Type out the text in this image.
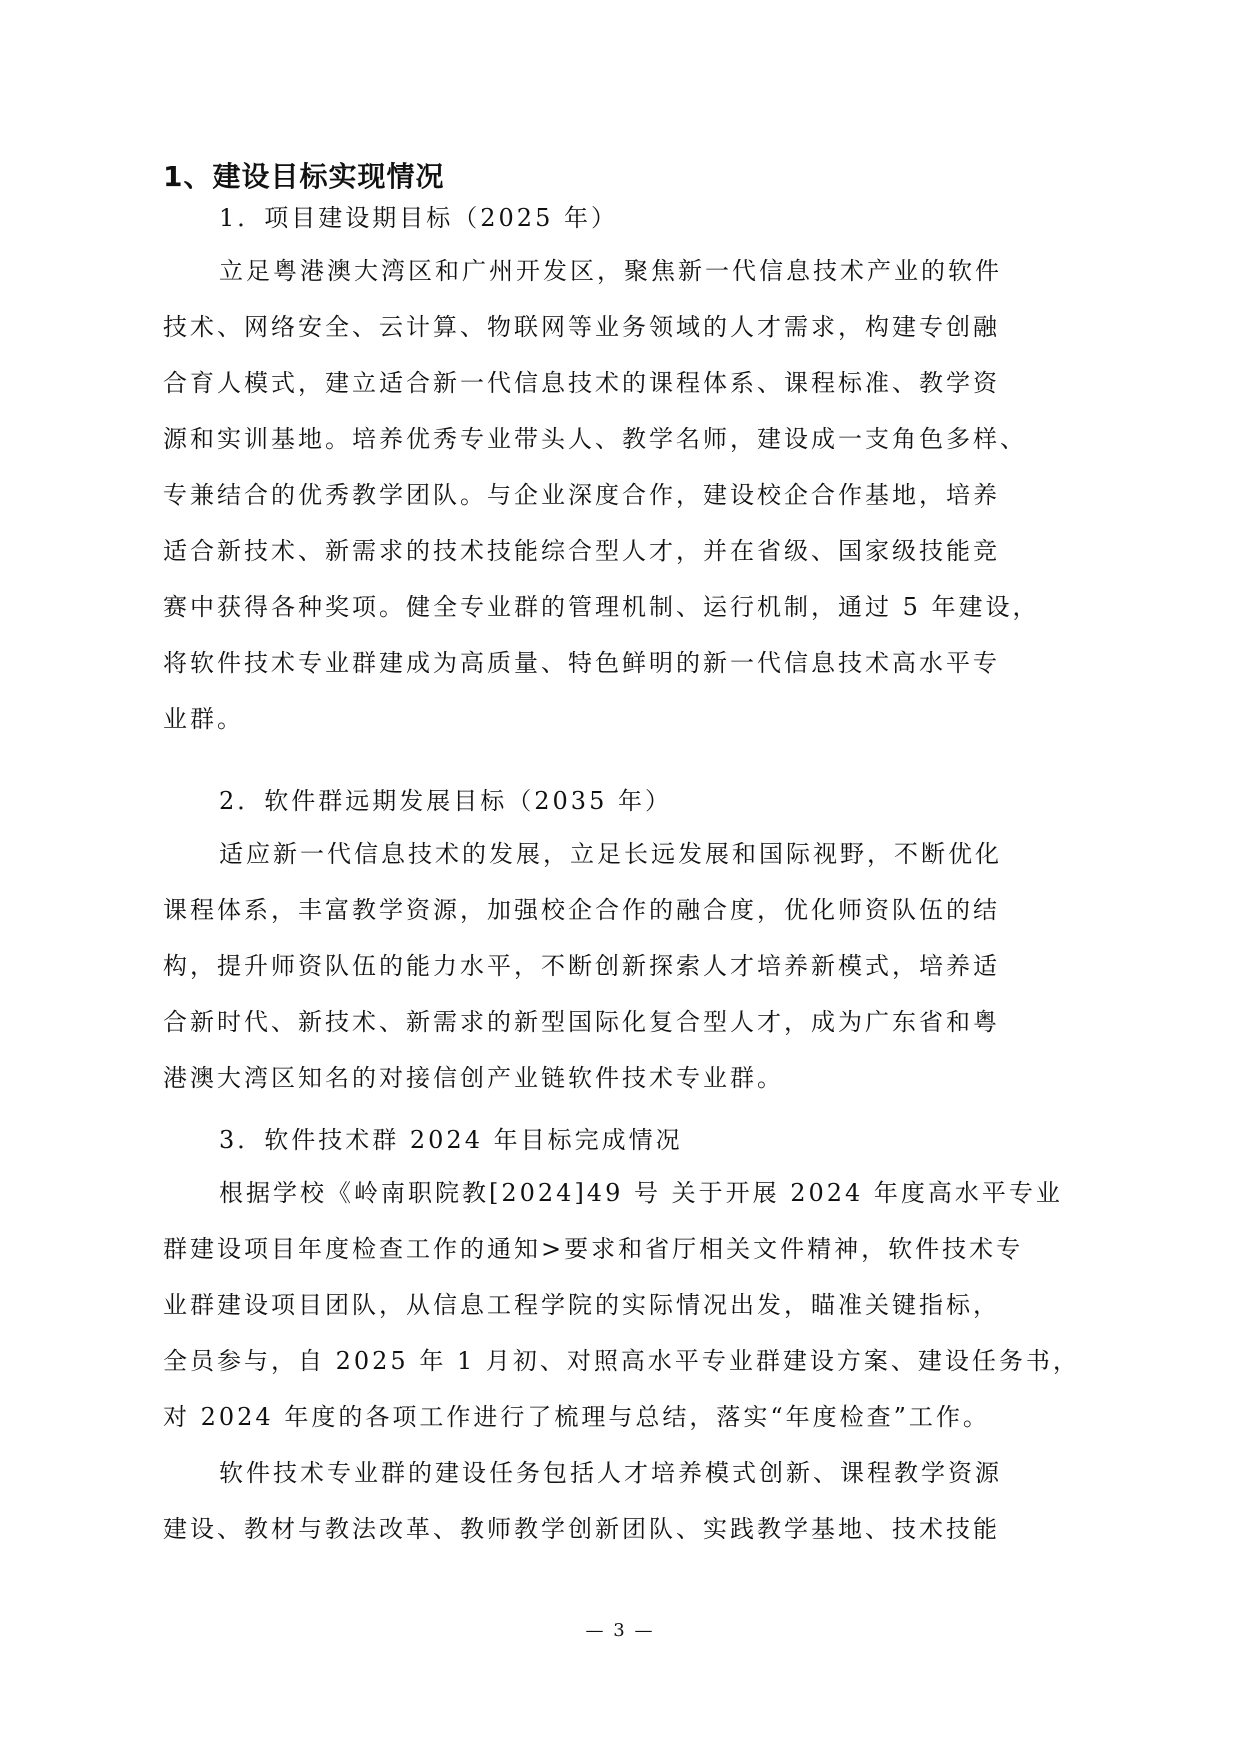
1、建设目标实现情况
1．项目建设期目标（2025 年）
立足粤港澳大湾区和广州开发区，聚焦新一代信息技术产业的软件
技术、网络安全、云计算、物联网等业务领域的人才需求，构建专创融
合育人模式，建立适合新一代信息技术的课程体系、课程标准、教学资
源和实训基地。培养优秀专业带头人、教学名师，建设成一支角色多样、
专兼结合的优秀教学团队。与企业深度合作，建设校企合作基地，培养
适合新技术、新需求的技术技能综合型人才，并在省级、国家级技能竞
赛中获得各种奖项。健全专业群的管理机制、运行机制，通过 5 年建设，
将软件技术专业群建成为高质量、特色鲜明的新一代信息技术高水平专
业群。
2．软件群远期发展目标（2035 年）
适应新一代信息技术的发展，立足长远发展和国际视野，不断优化
课程体系，丰富教学资源，加强校企合作的融合度，优化师资队伍的结
构，提升师资队伍的能力水平，不断创新探索人才培养新模式，培养适
合新时代、新技术、新需求的新型国际化复合型人才，成为广东省和粤
港澳大湾区知名的对接信创产业链软件技术专业群。
3．软件技术群 2024 年目标完成情况
根据学校《岭南职院教[2024]49 号 关于开展 2024 年度高水平专业
群建设项目年度检查工作的通知>要求和省厅相关文件精神，软件技术专
业群建设项目团队，从信息工程学院的实际情况出发，瞄准关键指标，
全员参与，自 2025 年 1 月初、对照高水平专业群建设方案、建设任务书，
对 2024 年度的各项工作进行了梳理与总结，落实“年度检查”工作。
软件技术专业群的建设任务包括人才培养模式创新、课程教学资源
建设、教材与教法改革、教师教学创新团队、实践教学基地、技术技能
— 3 —
